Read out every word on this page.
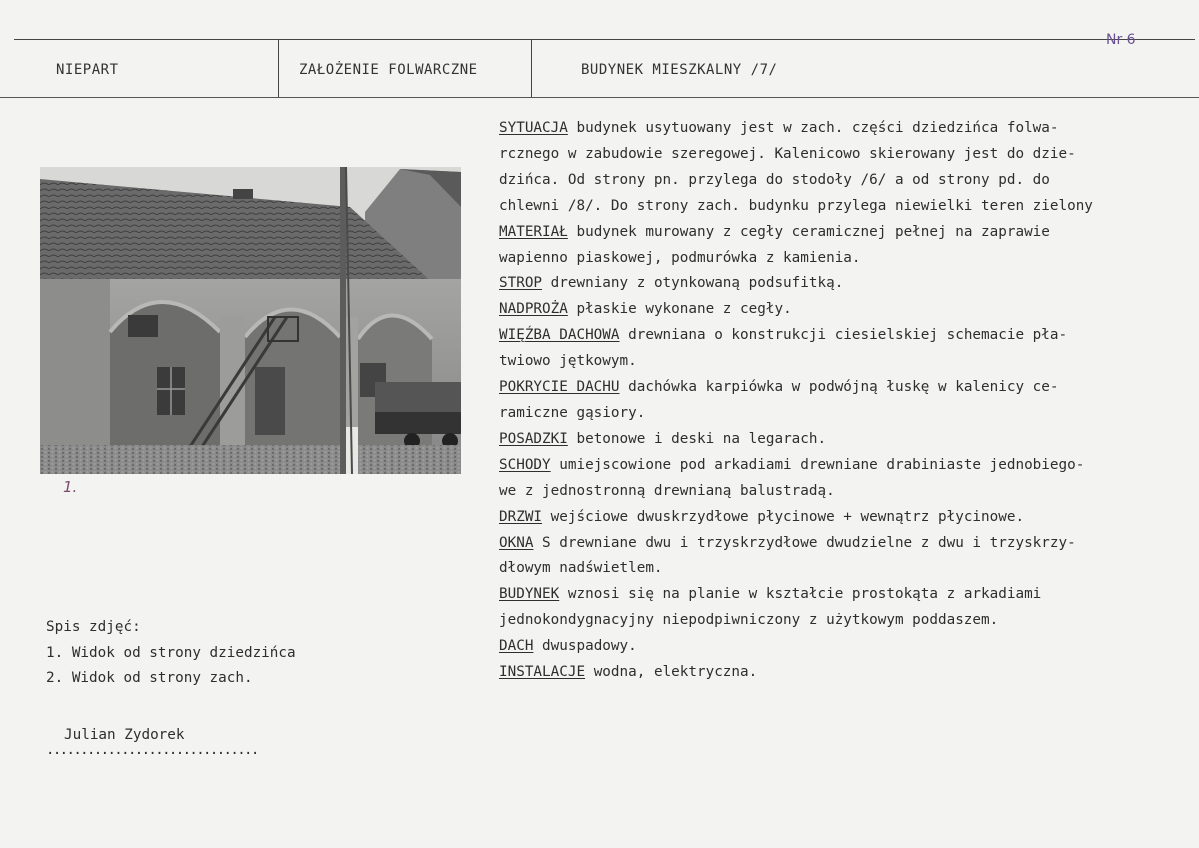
Nr 6
NIEPART	ZAŁOŻENIE FOLWARCZNE	BUDYNEK MIESZKALNY /7/
1.

SYTUACJA budynek usytuowany jest w zach. części dziedzińca folwa-

rcznego w zabudowie szeregowej. Kalenicowo skierowany jest do dzie-

dzińca. Od strony pn. przylega do stodoły /6/ a od strony pd. do

chlewni /8/. Do strony zach. budynku przylega niewielki teren zielony

MATERIAŁ budynek murowany z cegły ceramicznej pełnej na zaprawie

wapienno piaskowej, podmurówka z kamienia.

STROP drewniany z otynkowaną podsufitką.

NADPROŻA płaskie wykonane z cegły.

WIĘŹBA DACHOWA drewniana o konstrukcji ciesielskiej schemacie pła-

twiowo jętkowym.

POKRYCIE DACHU dachówka karpiówka w podwójną łuskę w kalenicy ce-

ramiczne gąsiory.

POSADZKI betonowe i deski na legarach.

SCHODY umiejscowione pod arkadiami drewniane drabiniaste jednobiego-

we z jednostronną drewnianą balustradą.

DRZWI wejściowe dwuskrzydłowe płycinowe + wewnątrz płycinowe.

OKNA S drewniane dwu i trzyskrzydłowe dwudzielne z dwu i trzyskrzy-

dłowym nadświetlem.

BUDYNEK wznosi się na planie w kształcie prostokąta z arkadiami

jednokondygnacyjny niepodpiwniczony z użytkowym poddaszem.

DACH dwuspadowy.

INSTALACJE wodna, elektryczna.

Spis zdjęć:
1. Widok od strony dziedzińca
2. Widok od strony zach.
Julian Zydorek
...............................
